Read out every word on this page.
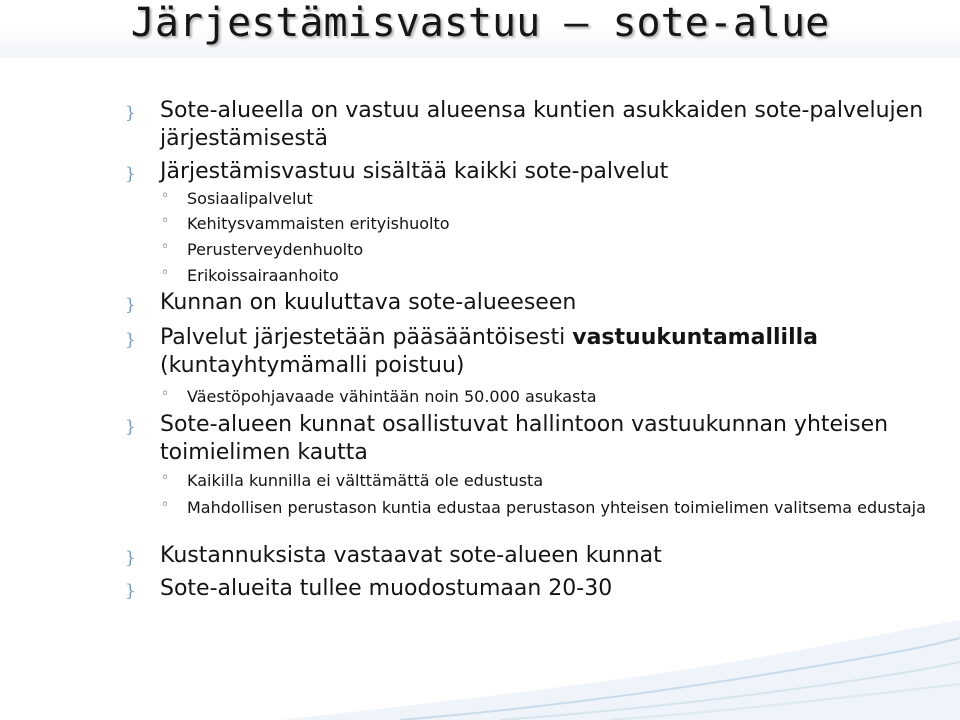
Järjestämisvastuu – sote-alue
} Sote-alueella on vastuu alueensa kuntien asukkaiden sote-palvelujen järjestämisestä
} Järjestämisvastuu sisältää kaikki sote-palvelut
◦ Sosiaalipalvelut
◦ Kehitysvammaisten erityishuolto
◦ Perusterveydenhuolto
◦ Erikoissairaanhoito
} Kunnan on kuuluttava sote-alueeseen
} Palvelut järjestetään pääsääntöisesti vastuukuntamallilla (kuntayhtymämalli poistuu)
◦ Väestöpohjavaade vähintään noin 50.000 asukasta
} Sote-alueen kunnat osallistuvat hallintoon vastuukunnan yhteisen toimielimen kautta
◦ Kaikilla kunnilla ei välttämättä ole edustusta
◦ Mahdollisen perustason kuntia edustaa perustason yhteisen toimielimen valitsema edustaja
} Kustannuksista vastaavat sote-alueen kunnat
} Sote-alueita tullee muodostumaan 20-30
